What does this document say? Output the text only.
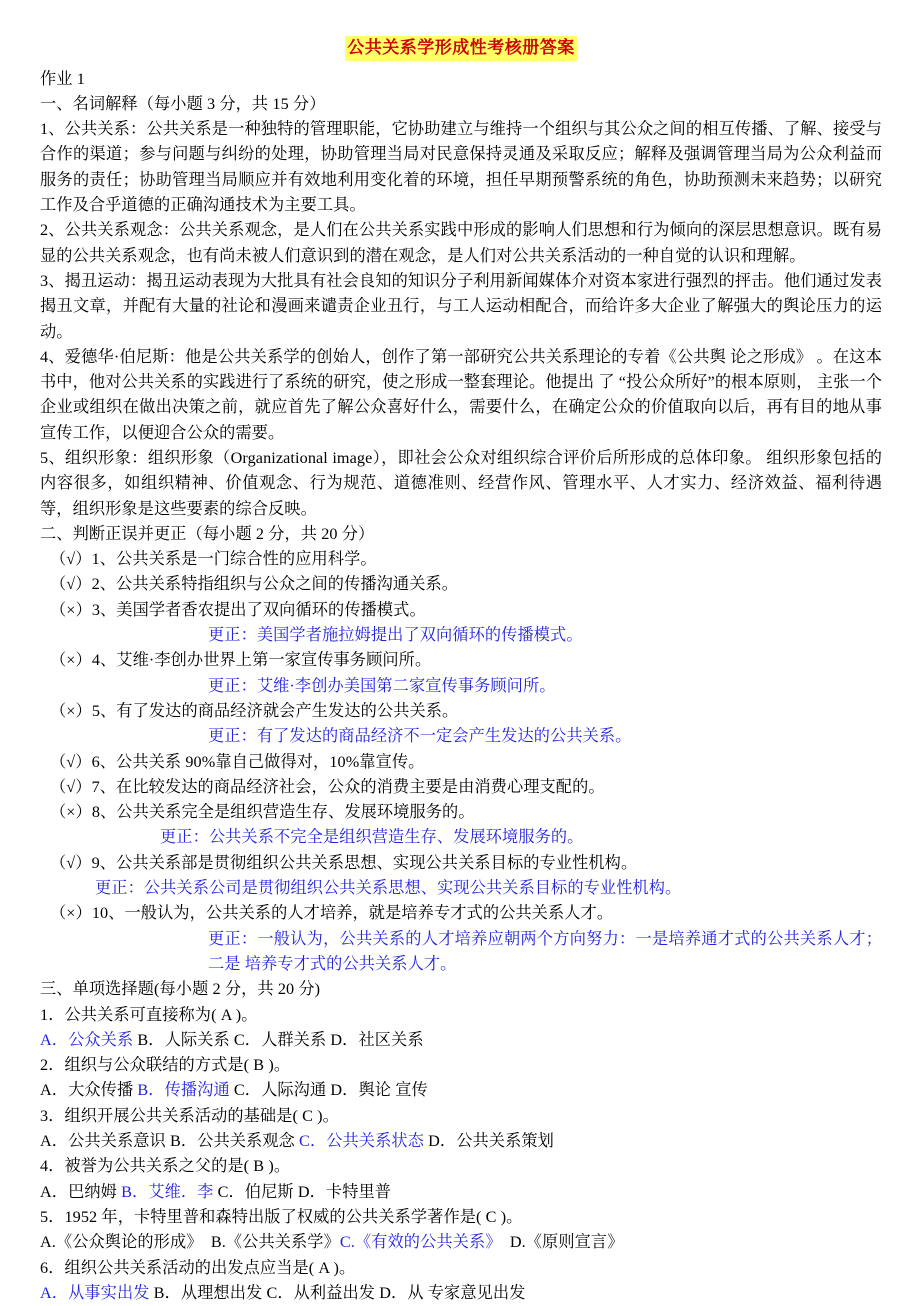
公共关系学形成性考核册答案

作业 1

一、名词解释（每小题 3 分，共 15 分）

1、公共关系：公共关系是一种独特的管理职能，它协助建立与维持一个组织与其公众之间的相互传播、了解、接受与合作的渠道；参与问题与纠纷的处理，协助管理当局对民意保持灵通及采取反应；解释及强调管理当局为公众利益而服务的责任；协助管理当局顺应并有效地利用变化着的环境，担任早期预警系统的角色，协助预测未来趋势；以研究工作及合乎道德的正确沟通技术为主要工具。

2、公共关系观念：公共关系观念，是人们在公共关系实践中形成的影响人们思想和行为倾向的深层思想意识。既有易显的公共关系观念，也有尚未被人们意识到的潜在观念，是人们对公共关系活动的一种自觉的认识和理解。

3、揭丑运动：揭丑运动表现为大批具有社会良知的知识分子利用新闻媒体介对资本家进行强烈的抨击。他们通过发表揭丑文章，并配有大量的社论和漫画来谴责企业丑行，与工人运动相配合，而给许多大企业了解强大的舆论压力的运动。

4、爱德华·伯尼斯：他是公共关系学的创始人，创作了第一部研究公共关系理论的专着《公共舆 论之形成》 。在这本书中，他对公共关系的实践进行了系统的研究，使之形成一整套理论。他提出 了 “投公众所好”的根本原则， 主张一个企业或组织在做出决策之前，就应首先了解公众喜好什么，需要什么，在确定公众的价值取向以后，再有目的地从事宣传工作，以便迎合公众的需要。

5、组织形象：组织形象（Organizational image），即社会公众对组织综合评价后所形成的总体印象。 组织形象包括的内容很多，如组织精神、价值观念、行为规范、道德准则、经营作风、管理水平、人才实力、经济效益、福利待遇等，组织形象是这些要素的综合反映。

二、判断正误并更正（每小题 2 分，共 20 分）

（√）1、公共关系是一门综合性的应用科学。

（√）2、公共关系特指组织与公众之间的传播沟通关系。

（×）3、美国学者香农提出了双向循环的传播模式。

更正：美国学者施拉姆提出了双向循环的传播模式。

（×）4、艾维·李创办世界上第一家宣传事务顾问所。

更正：艾维·李创办美国第二家宣传事务顾问所。

（×）5、有了发达的商品经济就会产生发达的公共关系。

更正：有了发达的商品经济不一定会产生发达的公共关系。

（√）6、公共关系 90%靠自己做得对，10%靠宣传。

（√）7、在比较发达的商品经济社会，公众的消费主要是由消费心理支配的。

（×）8、公共关系完全是组织营造生存、发展环境服务的。

更正：公共关系不完全是组织营造生存、发展环境服务的。

（√）9、公共关系部是贯彻组织公共关系思想、实现公共关系目标的专业性机构。

更正：公共关系公司是贯彻组织公共关系思想、实现公共关系目标的专业性机构。

（×）10、一般认为，公共关系的人才培养，就是培养专才式的公共关系人才。

更正：一般认为，公共关系的人才培养应朝两个方向努力：一是培养通才式的公共关系人才；二是 培养专才式的公共关系人才。

三、单项选择题(每小题 2 分，共 20 分)

1．公共关系可直接称为( A )。

A．公众关系 B．人际关系 C．人群关系 D．社区关系

2．组织与公众联结的方式是( B )。

A．大众传播 B．传播沟通 C．人际沟通 D．舆论 宣传

3．组织开展公共关系活动的基础是( C )。

A．公共关系意识 B．公共关系观念 C．公共关系状态 D．公共关系策划

4．被誉为公共关系之父的是( B )。

A．巴纳姆 B．艾维．李 C．伯尼斯 D．卡特里普

5．1952 年，卡特里普和森特出版了权威的公共关系学著作是( C )。

A.《公众舆论的形成》 B.《公共关系学》C.《有效的公共关系》 D.《原则宣言》

6．组织公共关系活动的出发点应当是( A )。

A．从事实出发 B．从理想出发 C．从利益出发 D．从 专家意见出发
